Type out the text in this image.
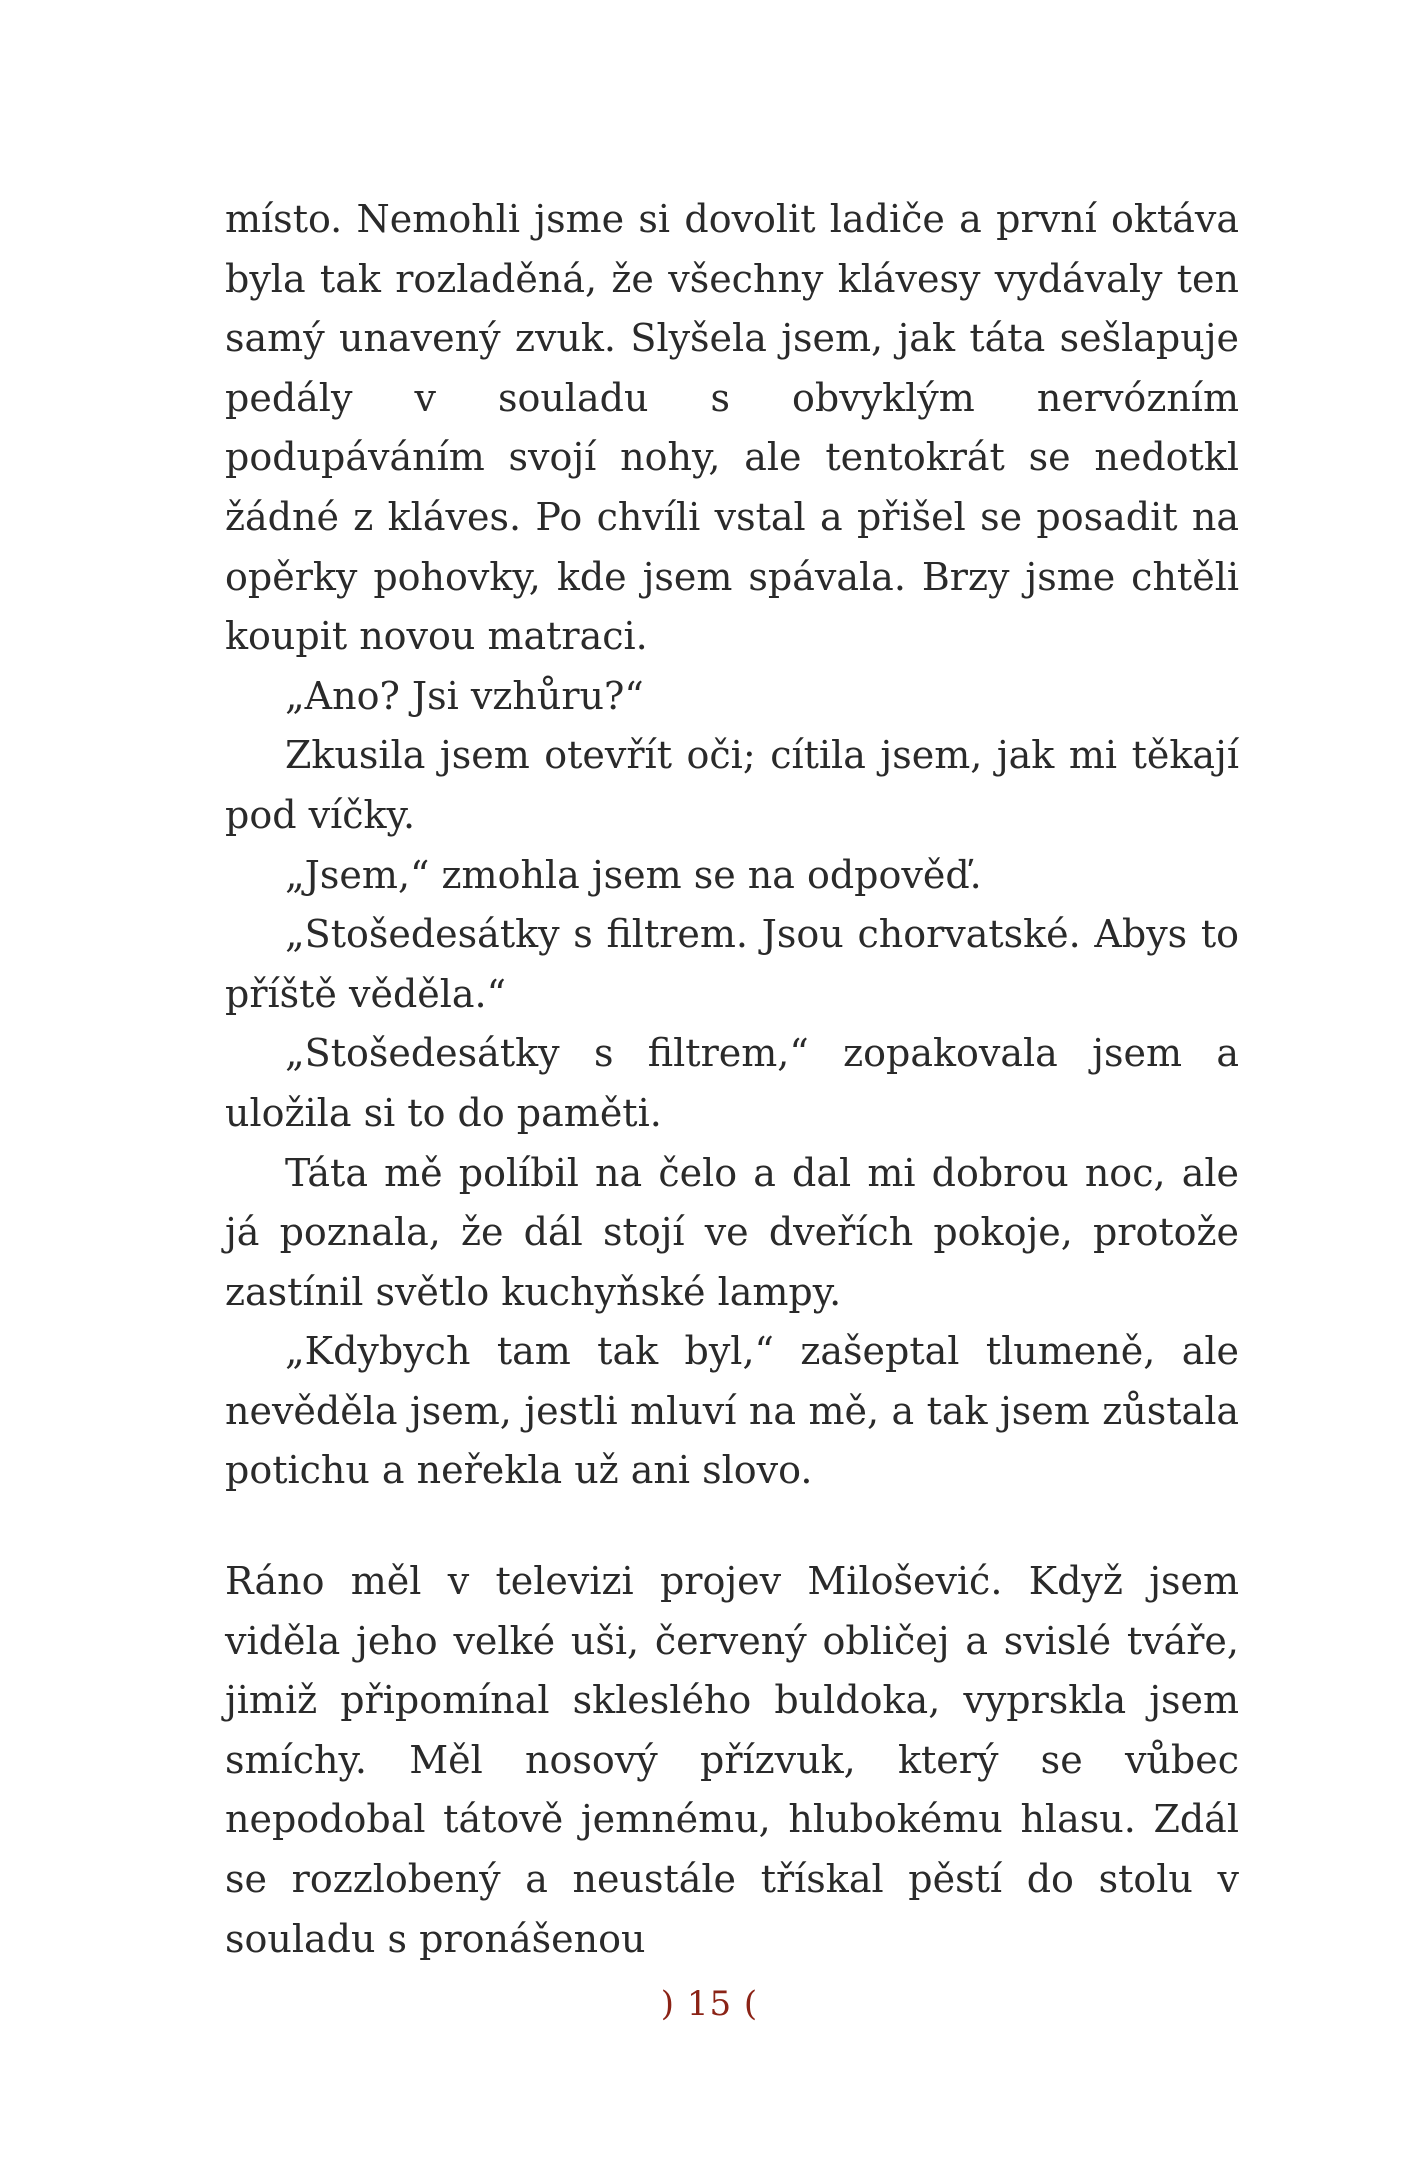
místo. Nemohli jsme si dovolit ladiče a první oktáva byla tak rozladěná, že všechny klávesy vydávaly ten samý unavený zvuk. Slyšela jsem, jak táta sešlapuje pedály v souladu s obvyklým nervózním podupáváním svojí nohy, ale tentokrát se nedotkl žádné z kláves. Po chvíli vstal a přišel se posadit na opěrky pohovky, kde jsem spávala. Brzy jsme chtěli koupit novou matraci.

„Ano? Jsi vzhůru?“

Zkusila jsem otevřít oči; cítila jsem, jak mi těkají pod víčky.

„Jsem,“ zmohla jsem se na odpověď.

„Stošedesátky s filtrem. Jsou chorvatské. Abys to příště věděla.“

„Stošedesátky s filtrem,“ zopakovala jsem a uložila si to do paměti.

Táta mě políbil na čelo a dal mi dobrou noc, ale já poznala, že dál stojí ve dveřích pokoje, protože zastínil světlo kuchyňské lampy.

„Kdybych tam tak byl,“ zašeptal tlumeně, ale nevěděla jsem, jestli mluví na mě, a tak jsem zůstala potichu a neřekla už ani slovo.

Ráno měl v televizi projev Milošević. Když jsem viděla jeho velké uši, červený obličej a svislé tváře, jimiž připomínal skleslého buldoka, vyprskla jsem smíchy. Měl nosový přízvuk, který se vůbec nepodobal tátově jemnému, hlubokému hlasu. Zdál se rozzlobený a neustále třískal pěstí do stolu v souladu s pronášenou

) 15 (
